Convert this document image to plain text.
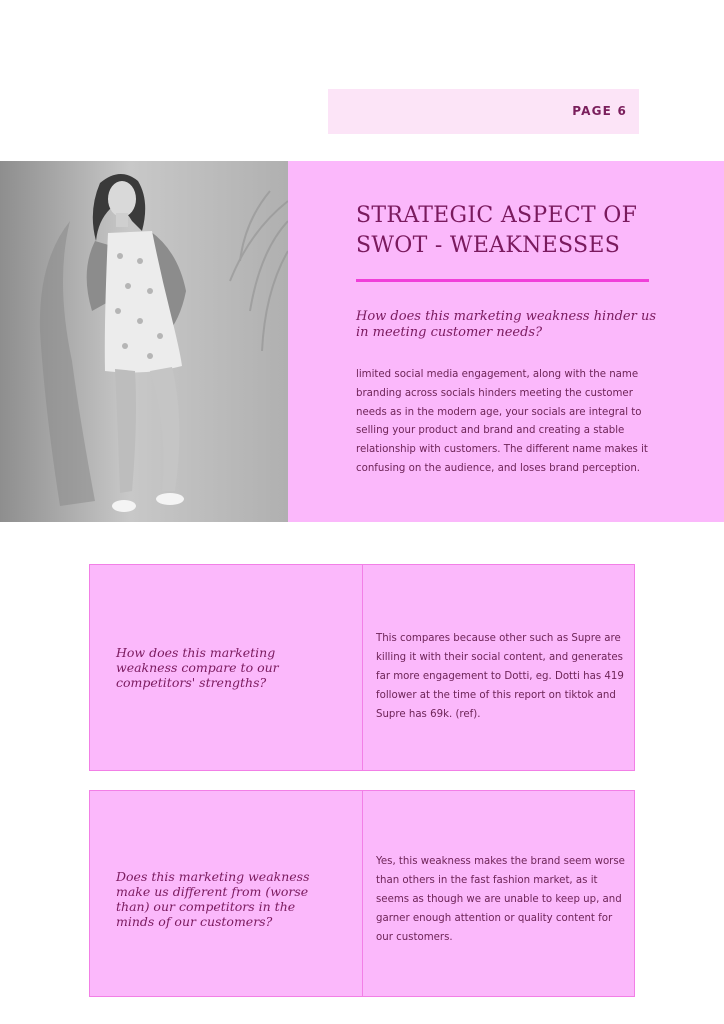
PAGE 6
STRATEGIC ASPECT OF SWOT - WEAKNESSES

How does this marketing weakness hinder us in meeting customer needs?

limited social media engagement, along with the name branding across socials hinders meeting the customer needs as in the modern age, your socials are integral to selling your product and brand and creating a stable relationship with customers. The different name makes it confusing on the audience, and loses brand perception.

How does this marketing weakness compare to our competitors' strengths?

This compares because other such as Supre are killing it with their social content, and generates far more engagement to Dotti, eg. Dotti has 419 follower at the time of this report on tiktok and Supre has 69k. (ref).

Does this marketing weakness make us different from (worse than) our competitors in the minds of our customers?

Yes, this weakness makes the brand seem worse than others in the fast fashion market, as it seems as though we are unable to keep up, and garner enough attention or quality content for our customers.
